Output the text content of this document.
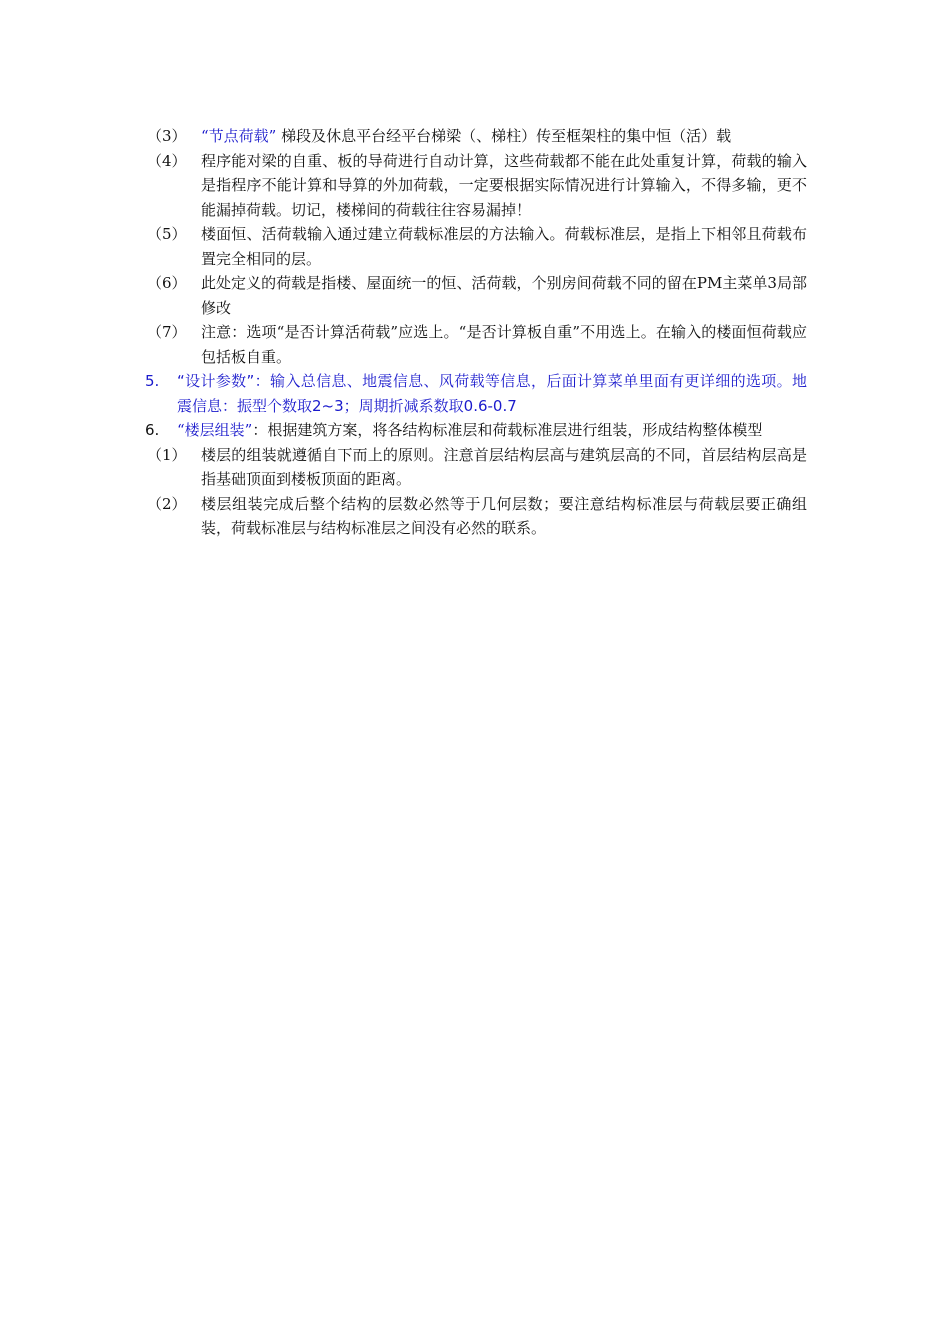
（3） “节点荷载” 梯段及休息平台经平台梯梁（、梯柱）传至框架柱的集中恒（活）载
（4） 程序能对梁的自重、板的导荷进行自动计算，这些荷载都不能在此处重复计算，荷载的输入是指程序不能计算和导算的外加荷载，一定要根据实际情况进行计算输入，不得多输，更不能漏掉荷载。切记，楼梯间的荷载往往容易漏掉！
（5） 楼面恒、活荷载输入通过建立荷载标准层的方法输入。荷载标准层，是指上下相邻且荷载布置完全相同的层。
（6） 此处定义的荷载是指楼、屋面统一的恒、活荷载，个别房间荷载不同的留在PM主菜单3局部修改
（7） 注意：选项“是否计算活荷载”应选上。“是否计算板自重”不用选上。在输入的楼面恒荷载应包括板自重。
5.	“设计参数”：输入总信息、地震信息、风荷载等信息，后面计算菜单里面有更详细的选项。地震信息：振型个数取2~3；周期折减系数取0.6-0.7
6.	“楼层组装”：根据建筑方案，将各结构标准层和荷载标准层进行组装，形成结构整体模型
（1） 楼层的组装就遵循自下而上的原则。注意首层结构层高与建筑层高的不同，首层结构层高是指基础顶面到楼板顶面的距离。
（2） 楼层组装完成后整个结构的层数必然等于几何层数；要注意结构标准层与荷载层要正确组装，荷载标准层与结构标准层之间没有必然的联系。
